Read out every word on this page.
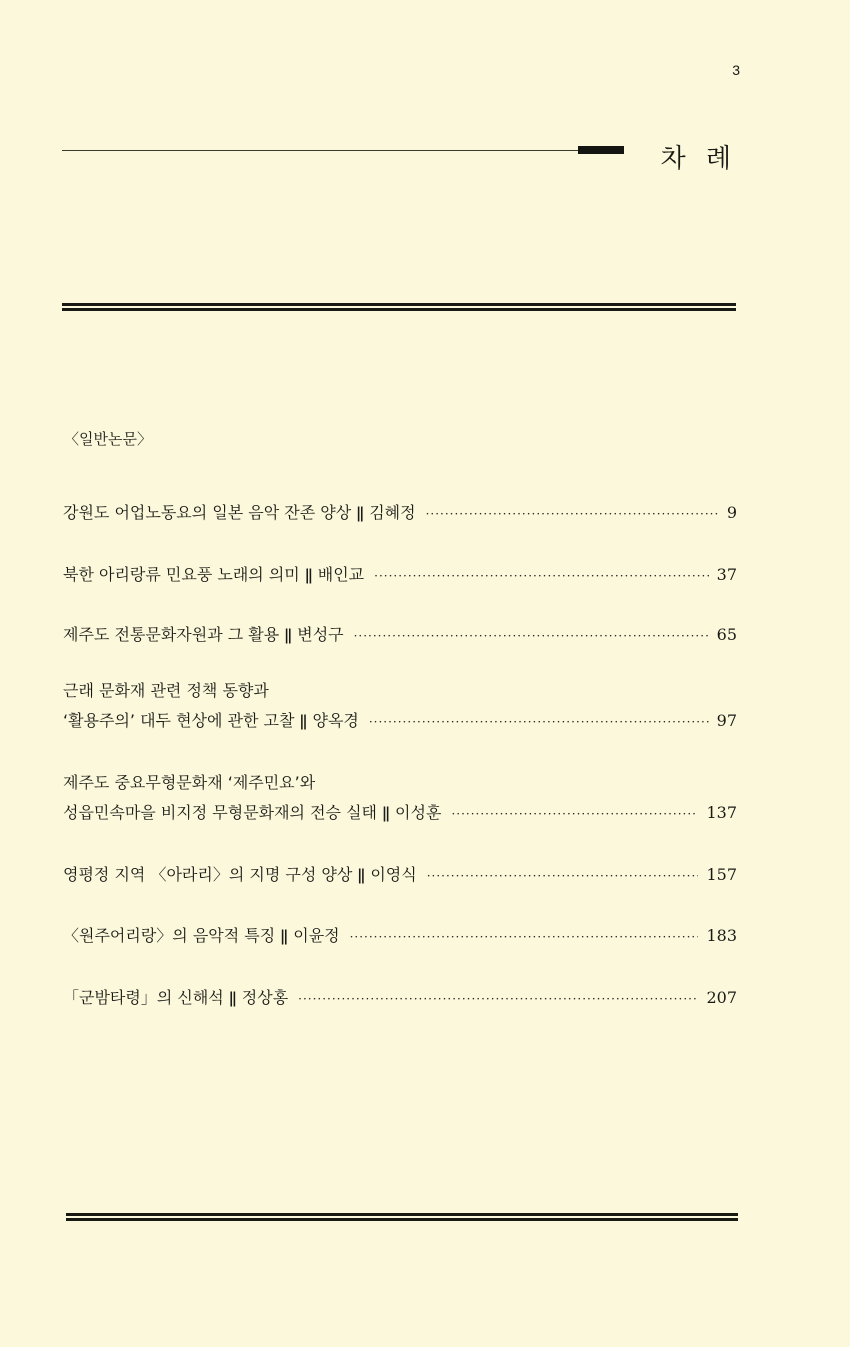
3
차 례
〈일반논문〉
강원도 어업노동요의 일본 음악 잔존 양상 ǁ 김혜정 ·····	9
북한 아리랑류 민요풍 노래의 의미 ǁ 배인교 ·····	37
제주도 전통문화자원과 그 활용 ǁ 변성구 ·····	65
근래 문화재 관련 정책 동향과
‘활용주의’ 대두 현상에 관한 고찰 ǁ 양옥경 ·····	97
제주도 중요무형문화재 ‘제주민요’와
성읍민속마을 비지정 무형문화재의 전승 실태 ǁ 이성훈 ·····	137
영평정 지역 〈아라리〉의 지명 구성 양상 ǁ 이영식 ·····	157
〈원주어리랑〉의 음악적 특징 ǁ 이윤정 ·····	183
「군밤타령」의 신해석 ǁ 정상홍 ·····	207
